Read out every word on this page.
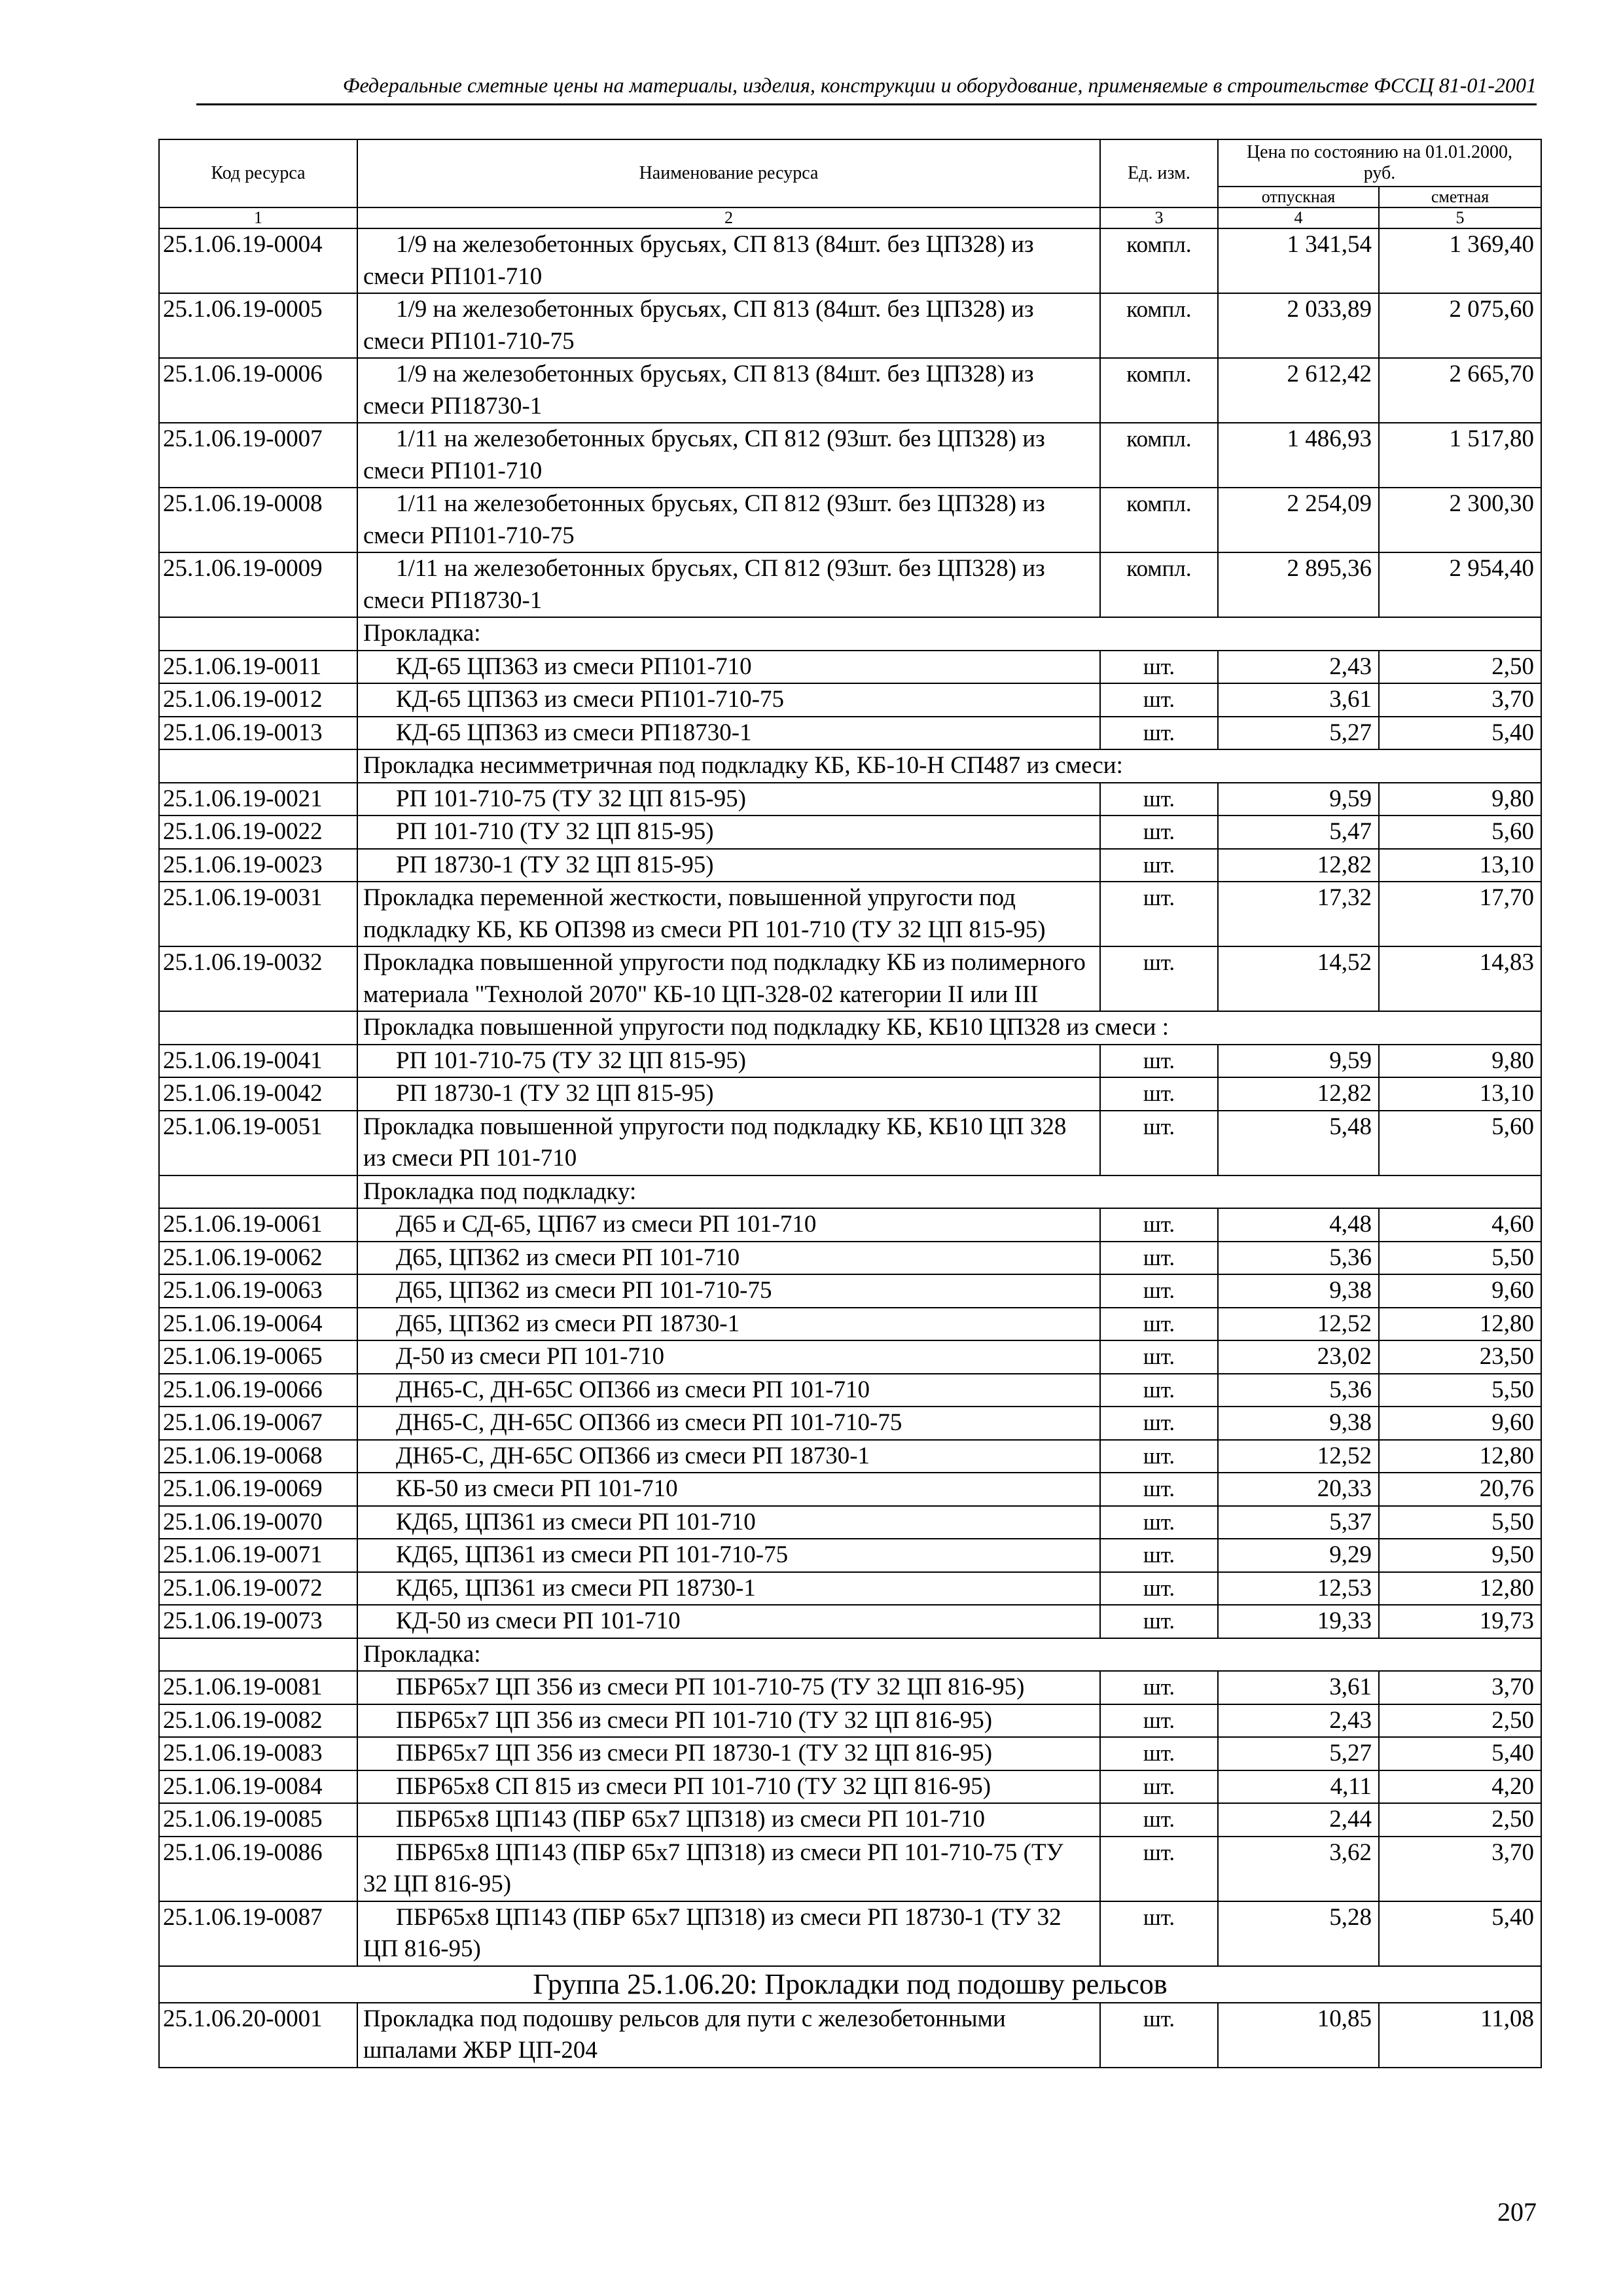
Федеральные сметные цены на материалы, изделия, конструкции и оборудование, применяемые в строительстве ФССЦ 81-01-2001
Код ресурса	Наименование ресурса	Ед. изм.	Цена по состоянию на 01.01.2000, руб.	
			отпускная	сметная
1	2	3	4	5
25.1.06.19-0004	1/9 на железобетонных брусьях, СП 813 (84шт. без ЦП328) из смеси РП101-710	компл.	1 341,54	1 369,40
25.1.06.19-0005	1/9 на железобетонных брусьях, СП 813 (84шт. без ЦП328) из смеси РП101-710-75	компл.	2 033,89	2 075,60
25.1.06.19-0006	1/9 на железобетонных брусьях, СП 813 (84шт. без ЦП328) из смеси РП18730-1	компл.	2 612,42	2 665,70
25.1.06.19-0007	1/11 на железобетонных брусьях, СП 812 (93шт. без ЦП328) из смеси РП101-710	компл.	1 486,93	1 517,80
25.1.06.19-0008	1/11 на железобетонных брусьях, СП 812 (93шт. без ЦП328) из смеси РП101-710-75	компл.	2 254,09	2 300,30
25.1.06.19-0009	1/11 на железобетонных брусьях, СП 812 (93шт. без ЦП328) из смеси РП18730-1	компл.	2 895,36	2 954,40
	Прокладка:			
25.1.06.19-0011	КД-65 ЦП363 из смеси РП101-710	шт.	2,43	2,50
25.1.06.19-0012	КД-65 ЦП363 из смеси РП101-710-75	шт.	3,61	3,70
25.1.06.19-0013	КД-65 ЦП363 из смеси РП18730-1	шт.	5,27	5,40
	Прокладка несимметричная под подкладку КБ, КБ-10-Н СП487 из смеси:			
25.1.06.19-0021	РП 101-710-75 (ТУ 32 ЦП 815-95)	шт.	9,59	9,80
25.1.06.19-0022	РП 101-710 (ТУ 32 ЦП 815-95)	шт.	5,47	5,60
25.1.06.19-0023	РП 18730-1 (ТУ 32 ЦП 815-95)	шт.	12,82	13,10
25.1.06.19-0031	Прокладка переменной жесткости, повышенной упругости под подкладку КБ, КБ ОП398 из смеси РП 101-710 (ТУ 32 ЦП 815-95)	шт.	17,32	17,70
25.1.06.19-0032	Прокладка повышенной упругости под подкладку КБ из полимерного материала "Технолой 2070" КБ-10 ЦП-328-02 категории II или III	шт.	14,52	14,83
	Прокладка повышенной упругости под подкладку КБ, КБ10 ЦП328 из смеси :			
25.1.06.19-0041	РП 101-710-75 (ТУ 32 ЦП 815-95)	шт.	9,59	9,80
25.1.06.19-0042	РП 18730-1 (ТУ 32 ЦП 815-95)	шт.	12,82	13,10
25.1.06.19-0051	Прокладка повышенной упругости под подкладку КБ, КБ10 ЦП 328 из смеси РП 101-710	шт.	5,48	5,60
	Прокладка под подкладку:			
25.1.06.19-0061	Д65 и СД-65, ЦП67 из смеси РП 101-710	шт.	4,48	4,60
25.1.06.19-0062	Д65, ЦП362 из смеси РП 101-710	шт.	5,36	5,50
25.1.06.19-0063	Д65, ЦП362 из смеси РП 101-710-75	шт.	9,38	9,60
25.1.06.19-0064	Д65, ЦП362 из смеси РП 18730-1	шт.	12,52	12,80
25.1.06.19-0065	Д-50 из смеси РП 101-710	шт.	23,02	23,50
25.1.06.19-0066	ДН65-С, ДН-65С ОП366 из смеси РП 101-710	шт.	5,36	5,50
25.1.06.19-0067	ДН65-С, ДН-65С ОП366 из смеси РП 101-710-75	шт.	9,38	9,60
25.1.06.19-0068	ДН65-С, ДН-65С ОП366 из смеси РП 18730-1	шт.	12,52	12,80
25.1.06.19-0069	КБ-50 из смеси РП 101-710	шт.	20,33	20,76
25.1.06.19-0070	КД65, ЦП361 из смеси РП 101-710	шт.	5,37	5,50
25.1.06.19-0071	КД65, ЦП361 из смеси РП 101-710-75	шт.	9,29	9,50
25.1.06.19-0072	КД65, ЦП361 из смеси РП 18730-1	шт.	12,53	12,80
25.1.06.19-0073	КД-50 из смеси РП 101-710	шт.	19,33	19,73
	Прокладка:			
25.1.06.19-0081	ПБР65х7 ЦП 356 из смеси РП 101-710-75 (ТУ 32 ЦП 816-95)	шт.	3,61	3,70
25.1.06.19-0082	ПБР65х7 ЦП 356 из смеси РП 101-710 (ТУ 32 ЦП 816-95)	шт.	2,43	2,50
25.1.06.19-0083	ПБР65х7 ЦП 356 из смеси РП 18730-1 (ТУ 32 ЦП 816-95)	шт.	5,27	5,40
25.1.06.19-0084	ПБР65х8 СП 815 из смеси РП 101-710 (ТУ 32 ЦП 816-95)	шт.	4,11	4,20
25.1.06.19-0085	ПБР65х8 ЦП143 (ПБР 65х7 ЦП318) из смеси РП 101-710	шт.	2,44	2,50
25.1.06.19-0086	ПБР65х8 ЦП143 (ПБР 65х7 ЦП318) из смеси РП 101-710-75 (ТУ 32 ЦП 816-95)	шт.	3,62	3,70
25.1.06.19-0087	ПБР65х8 ЦП143 (ПБР 65х7 ЦП318) из смеси РП 18730-1 (ТУ 32 ЦП 816-95)	шт.	5,28	5,40
Группа 25.1.06.20: Прокладки под подошву рельсов				
25.1.06.20-0001	Прокладка под подошву рельсов для пути с железобетонными шпалами ЖБР ЦП-204	шт.	10,85	11,08
207
